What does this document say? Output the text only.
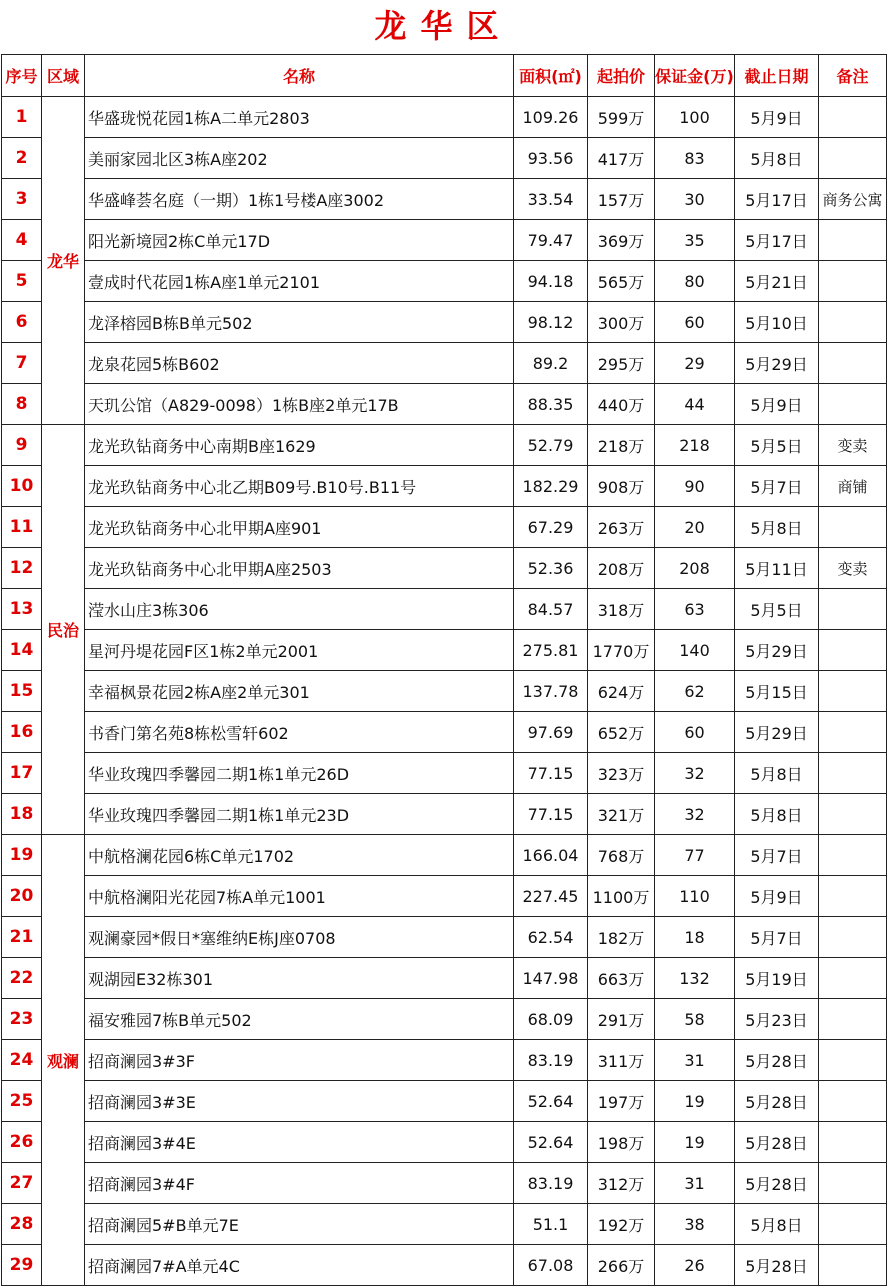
龙华区
序号	区域	名称	面积(㎡)	起拍价	保证金(万)	截止日期	备注
1	龙华	华盛珑悦花园1栋A二单元2803	109.26	599万	100	5月9日	
2		美丽家园北区3栋A座202	93.56	417万	83	5月8日	
3		华盛峰荟名庭（一期）1栋1号楼A座3002	33.54	157万	30	5月17日	商务公寓
4		阳光新境园2栋C单元17D	79.47	369万	35	5月17日	
5		壹成时代花园1栋A座1单元2101	94.18	565万	80	5月21日	
6		龙泽榕园B栋B单元502	98.12	300万	60	5月10日	
7		龙泉花园5栋B602	89.2	295万	29	5月29日	
8		天玑公馆（A829-0098）1栋B座2单元17B	88.35	440万	44	5月9日	
9	民治	龙光玖钻商务中心南期B座1629	52.79	218万	218	5月5日	变卖
10		龙光玖钻商务中心北乙期B09号.B10号.B11号	182.29	908万	90	5月7日	商铺
11		龙光玖钻商务中心北甲期A座901	67.29	263万	20	5月8日	
12		龙光玖钻商务中心北甲期A座2503	52.36	208万	208	5月11日	变卖
13		滢水山庄3栋306	84.57	318万	63	5月5日	
14		星河丹堤花园F区1栋2单元2001	275.81	1770万	140	5月29日	
15		幸福枫景花园2栋A座2单元301	137.78	624万	62	5月15日	
16		书香门第名苑8栋松雪轩602	97.69	652万	60	5月29日	
17		华业玫瑰四季馨园二期1栋1单元26D	77.15	323万	32	5月8日	
18		华业玫瑰四季馨园二期1栋1单元23D	77.15	321万	32	5月8日	
19	观澜	中航格澜花园6栋C单元1702	166.04	768万	77	5月7日	
20		中航格澜阳光花园7栋A单元1001	227.45	1100万	110	5月9日	
21		观澜豪园*假日*塞维纳E栋J座0708	62.54	182万	18	5月7日	
22		观湖园E32栋301	147.98	663万	132	5月19日	
23		福安雅园7栋B单元502	68.09	291万	58	5月23日	
24		招商澜园3#3F	83.19	311万	31	5月28日	
25		招商澜园3#3E	52.64	197万	19	5月28日	
26		招商澜园3#4E	52.64	198万	19	5月28日	
27		招商澜园3#4F	83.19	312万	31	5月28日	
28		招商澜园5#B单元7E	51.1	192万	38	5月8日	
29		招商澜园7#A单元4C	67.08	266万	26	5月28日	
